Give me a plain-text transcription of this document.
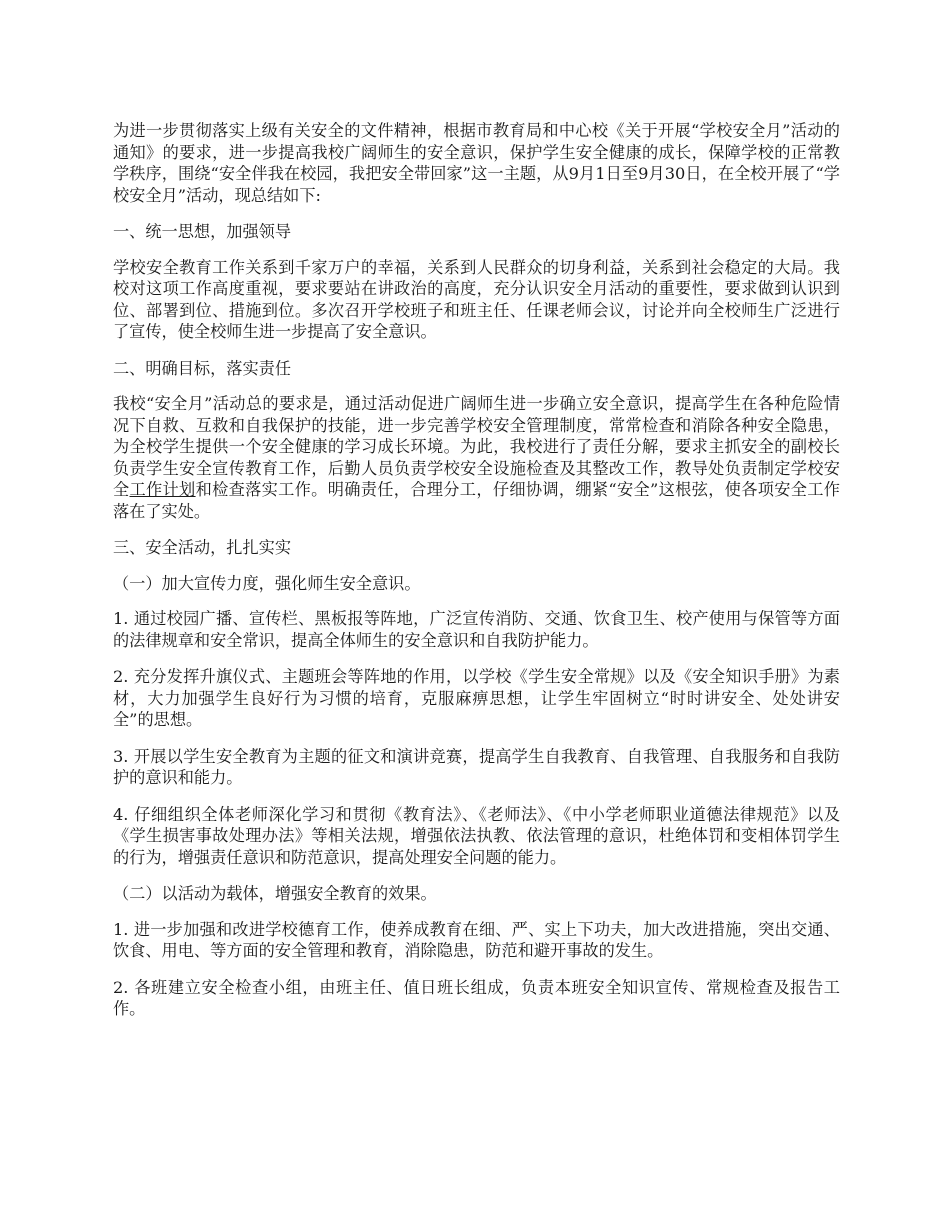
为进一步贯彻落实上级有关安全的文件精神，根据市教育局和中心校《关于开展“学校安全月”活动的通知》的要求，进一步提高我校广阔师生的安全意识，保护学生安全健康的成长，保障学校的正常教学秩序，围绕“安全伴我在校园，我把安全带回家”这一主题，从9月1日至9月30日，在全校开展了“学校安全月”活动，现总结如下:

一、统一思想，加强领导

学校安全教育工作关系到千家万户的幸福，关系到人民群众的切身利益，关系到社会稳定的大局。我校对这项工作高度重视，要求要站在讲政治的高度，充分认识安全月活动的重要性，要求做到认识到位、部署到位、措施到位。多次召开学校班子和班主任、任课老师会议，讨论并向全校师生广泛进行了宣传，使全校师生进一步提高了安全意识。

二、明确目标，落实责任

我校“安全月”活动总的要求是，通过活动促进广阔师生进一步确立安全意识，提高学生在各种危险情况下自救、互救和自我保护的技能，进一步完善学校安全管理制度，常常检查和消除各种安全隐患，为全校学生提供一个安全健康的学习成长环境。为此，我校进行了责任分解，要求主抓安全的副校长负责学生安全宣传教育工作，后勤人员负责学校安全设施检查及其整改工作，教导处负责制定学校安全工作计划和检查落实工作。明确责任，合理分工，仔细协调，绷紧“安全”这根弦，使各项安全工作落在了实处。

三、安全活动，扎扎实实

（一）加大宣传力度，强化师生安全意识。

1. 通过校园广播、宣传栏、黑板报等阵地，广泛宣传消防、交通、饮食卫生、校产使用与保管等方面的法律规章和安全常识，提高全体师生的安全意识和自我防护能力。

2. 充分发挥升旗仪式、主题班会等阵地的作用，以学校《学生安全常规》以及《安全知识手册》为素材，大力加强学生良好行为习惯的培育，克服麻痹思想，让学生牢固树立“时时讲安全、处处讲安全”的思想。

3. 开展以学生安全教育为主题的征文和演讲竞赛，提高学生自我教育、自我管理、自我服务和自我防护的意识和能力。

4. 仔细组织全体老师深化学习和贯彻《教育法》、《老师法》、《中小学老师职业道德法律规范》以及《学生损害事故处理办法》等相关法规，增强依法执教、依法管理的意识，杜绝体罚和变相体罚学生的行为，增强责任意识和防范意识，提高处理安全问题的能力。

（二）以活动为载体，增强安全教育的效果。

1. 进一步加强和改进学校德育工作，使养成教育在细、严、实上下功夫，加大改进措施，突出交通、饮食、用电、等方面的安全管理和教育，消除隐患，防范和避开事故的发生。

2. 各班建立安全检查小组，由班主任、值日班长组成，负责本班安全知识宣传、常规检查及报告工作。
